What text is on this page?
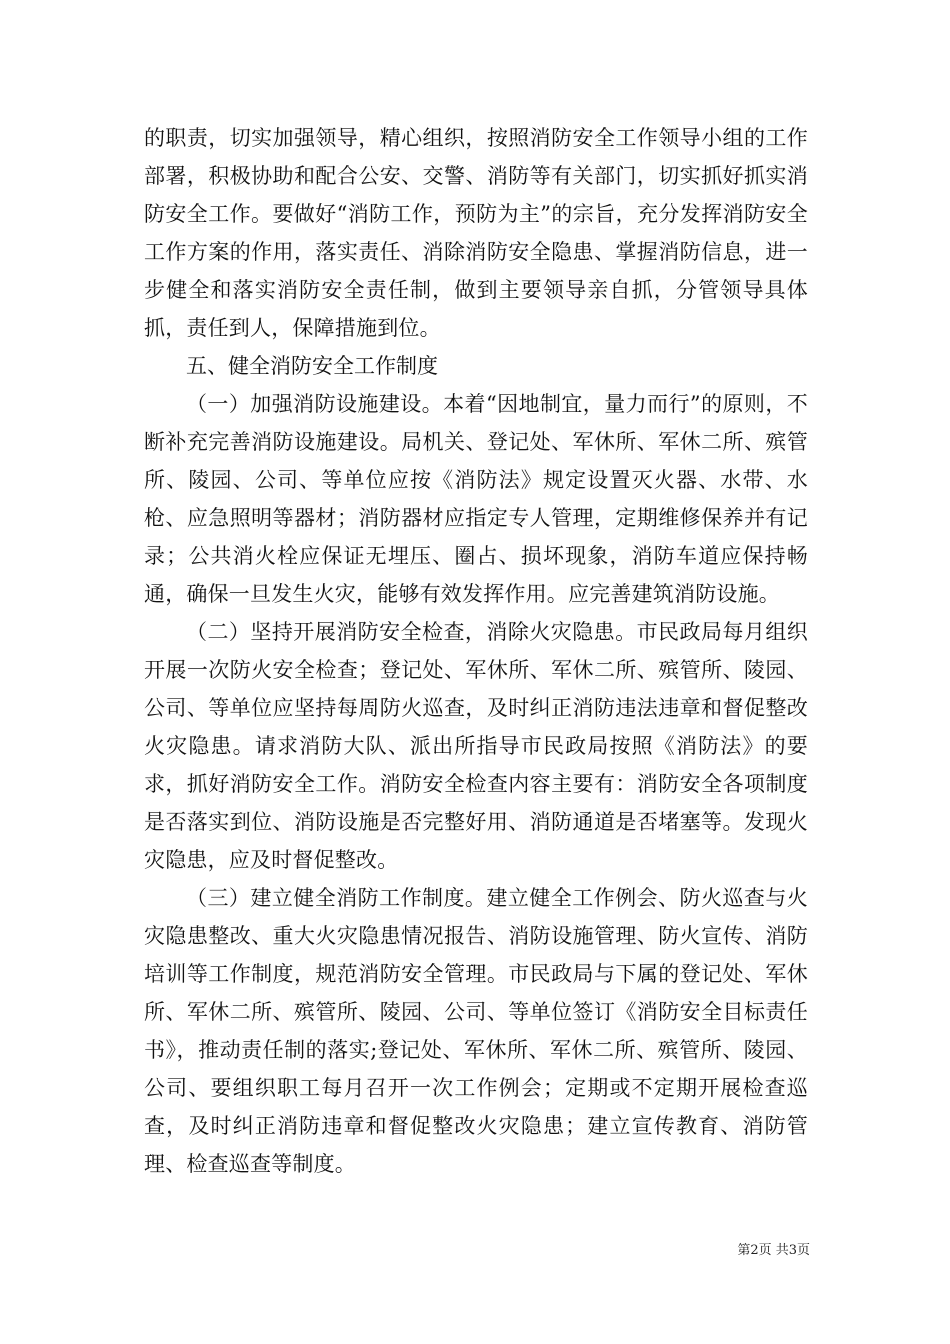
的职责，切实加强领导，精心组织，按照消防安全工作领导小组的工作部署，积极协助和配合公安、交警、消防等有关部门，切实抓好抓实消防安全工作。要做好“消防工作，预防为主”的宗旨，充分发挥消防安全工作方案的作用，落实责任、消除消防安全隐患、掌握消防信息，进一步健全和落实消防安全责任制，做到主要领导亲自抓，分管领导具体抓，责任到人，保障措施到位。

五、健全消防安全工作制度

（一）加强消防设施建设。本着“因地制宜，量力而行”的原则，不断补充完善消防设施建设。局机关、登记处、军休所、军休二所、殡管所、陵园、公司、等单位应按《消防法》规定设置灭火器、水带、水枪、应急照明等器材；消防器材应指定专人管理，定期维修保养并有记录；公共消火栓应保证无埋压、圈占、损坏现象，消防车道应保持畅通，确保一旦发生火灾，能够有效发挥作用。应完善建筑消防设施。

（二）坚持开展消防安全检查，消除火灾隐患。市民政局每月组织开展一次防火安全检查；登记处、军休所、军休二所、殡管所、陵园、公司、等单位应坚持每周防火巡查，及时纠正消防违法违章和督促整改火灾隐患。请求消防大队、派出所指导市民政局按照《消防法》的要求，抓好消防安全工作。消防安全检查内容主要有：消防安全各项制度是否落实到位、消防设施是否完整好用、消防通道是否堵塞等。发现火灾隐患，应及时督促整改。

（三）建立健全消防工作制度。建立健全工作例会、防火巡查与火灾隐患整改、重大火灾隐患情况报告、消防设施管理、防火宣传、消防培训等工作制度，规范消防安全管理。市民政局与下属的登记处、军休所、军休二所、殡管所、陵园、公司、等单位签订《消防安全目标责任书》，推动责任制的落实;登记处、军休所、军休二所、殡管所、陵园、公司、要组织职工每月召开一次工作例会；定期或不定期开展检查巡查，及时纠正消防违章和督促整改火灾隐患；建立宣传教育、消防管理、检查巡查等制度。

第2页 共3页
